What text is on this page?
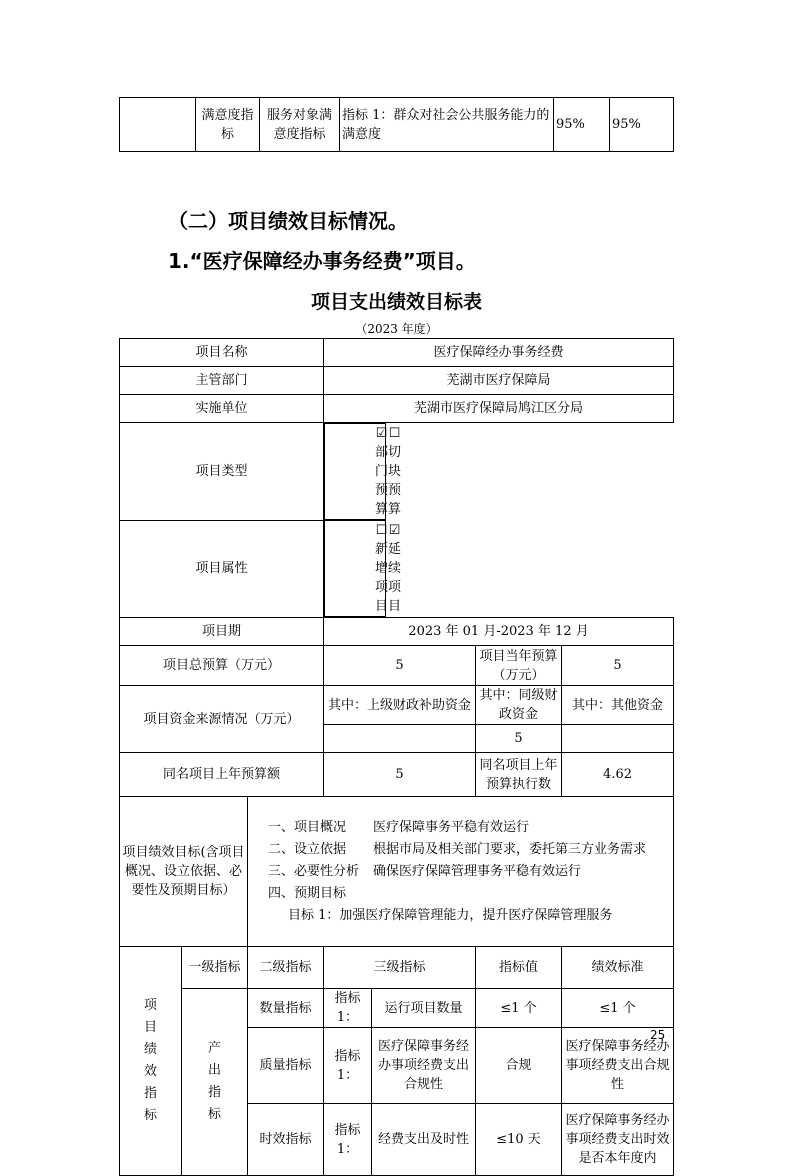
	满意度指标	服务对象满意度指标	指标 1：群众对社会公共服务能力的满意度	95%	95%
（二）项目绩效目标情况。
1.“医疗保障经办事务经费”项目。
项目支出绩效目标表
（2023 年度）
项目名称			医疗保障经办事务经费			
主管部门			芜湖市医疗保障局			
实施单位			芜湖市医疗保障局鸠江区分局			
项目类型	
☑部门预算
☐切块预算

项目属性	
☐新增项目
☑延续项目

项目期			2023 年 01 月-2023 年 12 月			
项目总预算（万元）			5		项目当年预算（万元）	5
项目资金来源情况（万元）			其中：上级财政补助资金		其中：同级财政资金	其中：其他资金
					5	
同名项目上年预算额			5		同名项目上年预算执行数	4.62
项目绩效目标(含项目概况、设立依据、必要性及预期目标）		一、项目概况 医疗保障事务平稳有效运行
二、设立依据 根据市局及相关部门要求，委托第三方业务需求
三、必要性分析 确保医疗保障管理事务平稳有效运行
四、预期目标
目标 1：加强医疗保障管理能力，提升医疗保障管理服务				

项目绩效指标	一级指标	二级指标	三级指标		指标值	绩效标准
	产出指标	数量指标	指标 1：	运行项目数量	≤1 个	≤1 个
		质量指标	指标 1：	医疗保障事务经办事项经费支出合规性	合规	医疗保障事务经办事项经费支出合规性
		时效指标	指标 1：	经费支出及时性	≤10 天	医疗保障事务经办事项经费支出时效是否本年度内
25
